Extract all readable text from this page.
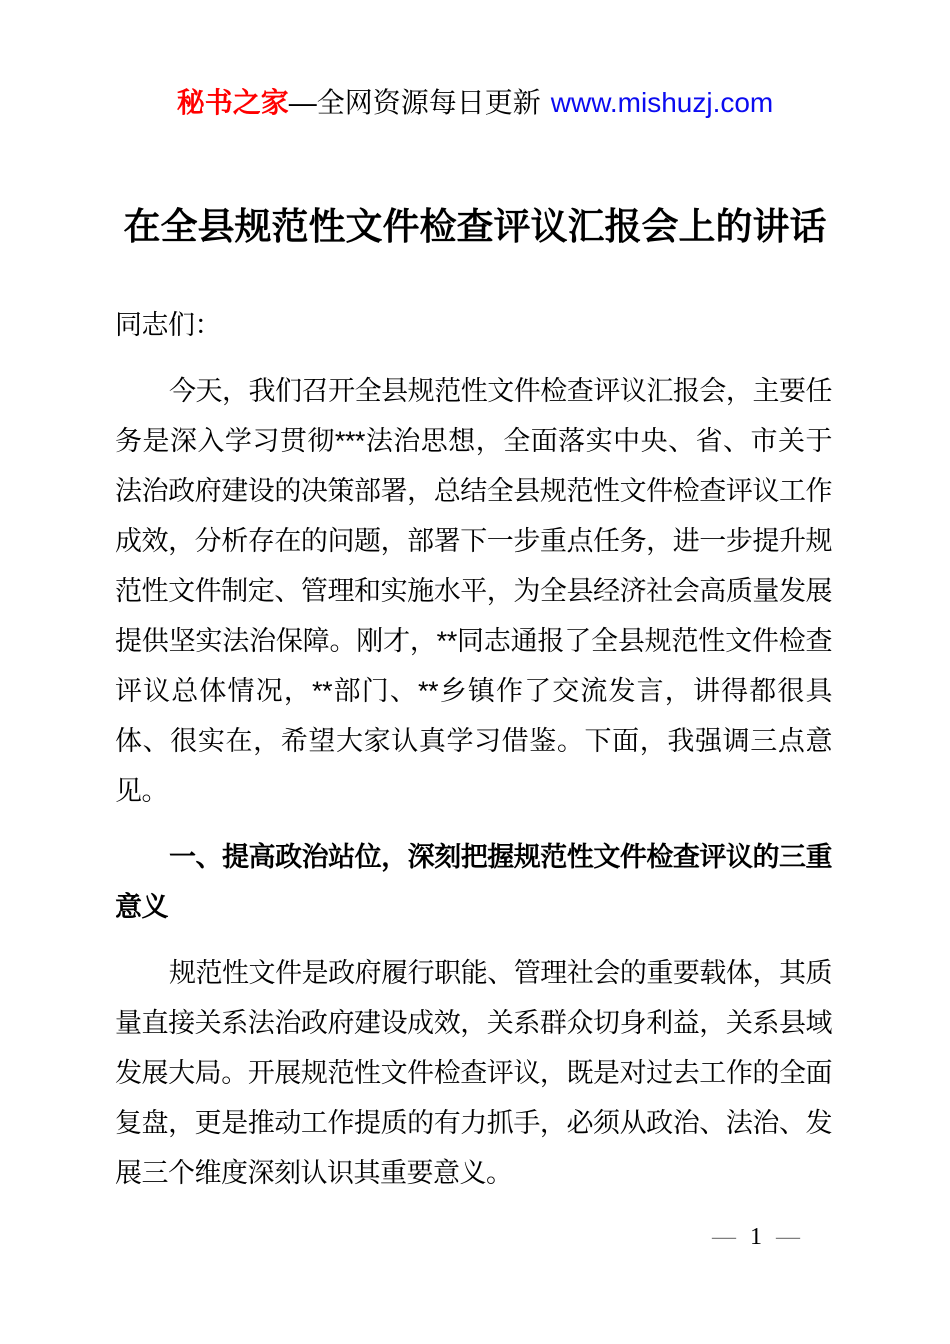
秘书之家—全网资源每日更新 www.mishuzj.com
在全县规范性文件检查评议汇报会上的讲话

同志们：

今天，我们召开全县规范性文件检查评议汇报会，主要任务是深入学习贯彻***法治思想，全面落实中央、省、市关于法治政府建设的决策部署，总结全县规范性文件检查评议工作成效，分析存在的问题，部署下一步重点任务，进一步提升规范性文件制定、管理和实施水平，为全县经济社会高质量发展提供坚实法治保障。刚才，**同志通报了全县规范性文件检查评议总体情况，**部门、**乡镇作了交流发言，讲得都很具体、很实在，希望大家认真学习借鉴。下面，我强调三点意见。

一、提高政治站位，深刻把握规范性文件检查评议的三重意义

规范性文件是政府履行职能、管理社会的重要载体，其质量直接关系法治政府建设成效，关系群众切身利益，关系县域发展大局。开展规范性文件检查评议，既是对过去工作的全面复盘，更是推动工作提质的有力抓手，必须从政治、法治、发展三个维度深刻认识其重要意义。

— 1 —
